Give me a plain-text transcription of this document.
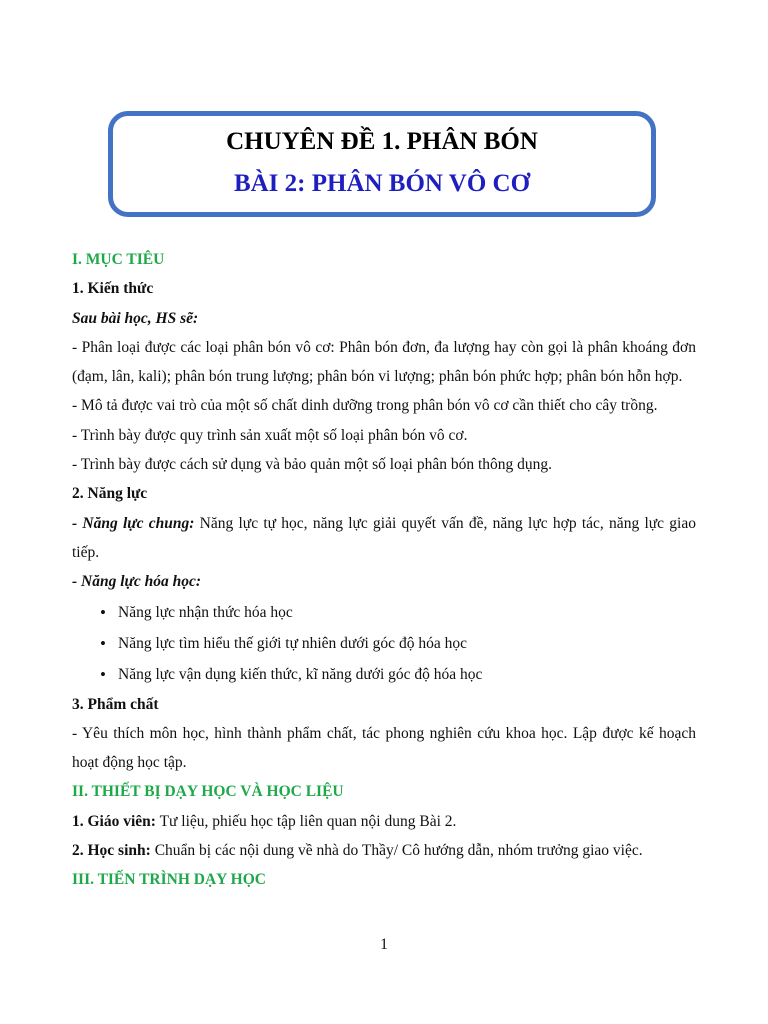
CHUYÊN ĐỀ 1. PHÂN BÓN
BÀI 2: PHÂN BÓN VÔ CƠ

I. MỤC TIÊU

1. Kiến thức

Sau bài học, HS sẽ:

- Phân loại được các loại phân bón vô cơ: Phân bón đơn, đa lượng hay còn gọi là phân khoáng đơn (đạm, lân, kali); phân bón trung lượng; phân bón vi lượng; phân bón phức hợp; phân bón hỗn hợp.

- Mô tả được vai trò của một số chất dinh dưỡng trong phân bón vô cơ cần thiết cho cây trồng.

- Trình bày được quy trình sản xuất một số loại phân bón vô cơ.

- Trình bày được cách sử dụng và bảo quản một số loại phân bón thông dụng.

2. Năng lực

- Năng lực chung: Năng lực tự học, năng lực giải quyết vấn đề, năng lực hợp tác, năng lực giao tiếp.

- Năng lực hóa học:

• Năng lực nhận thức hóa học
• Năng lực tìm hiểu thế giới tự nhiên dưới góc độ hóa học
• Năng lực vận dụng kiến thức, kĩ năng dưới góc độ hóa học

3. Phẩm chất

- Yêu thích môn học, hình thành phẩm chất, tác phong nghiên cứu khoa học. Lập được kế hoạch hoạt động học tập.

II. THIẾT BỊ DẠY HỌC VÀ HỌC LIỆU

1. Giáo viên: Tư liệu, phiếu học tập liên quan nội dung Bài 2.

2. Học sinh: Chuẩn bị các nội dung về nhà do Thầy/ Cô hướng dẫn, nhóm trưởng giao việc.

III. TIẾN TRÌNH DẠY HỌC

1
